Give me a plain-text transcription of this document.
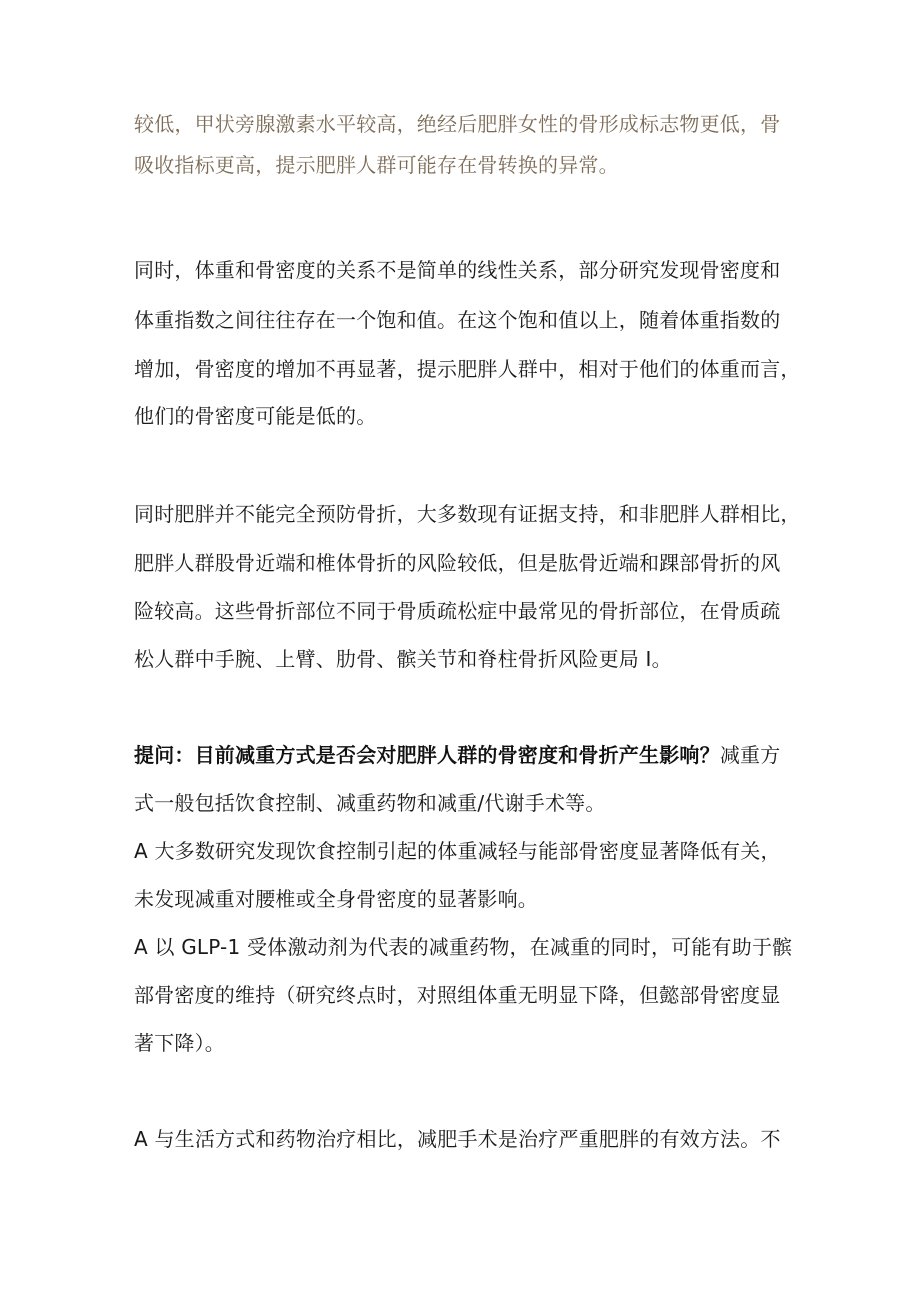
较低，甲状旁腺激素水平较高，绝经后肥胖女性的骨形成标志物更低，骨
吸收指标更高，提示肥胖人群可能存在骨转换的异常。
同时，体重和骨密度的关系不是简单的线性关系，部分研究发现骨密度和
体重指数之间往往存在一个饱和值。在这个饱和值以上，随着体重指数的
增加，骨密度的增加不再显著，提示肥胖人群中，相对于他们的体重而言，
他们的骨密度可能是低的。
同时肥胖并不能完全预防骨折，大多数现有证据支持，和非肥胖人群相比，
肥胖人群股骨近端和椎体骨折的风险较低，但是肱骨近端和踝部骨折的风
险较高。这些骨折部位不同于骨质疏松症中最常见的骨折部位，在骨质疏
松人群中手腕、上臂、肋骨、髌关节和脊柱骨折风险更局 I。
提问：目前减重方式是否会对肥胖人群的骨密度和骨折产生影响？减重方
式一般包括饮食控制、减重药物和减重/代谢手术等。
A 大多数研究发现饮食控制引起的体重减轻与能部骨密度显著降低有关，
未发现减重对腰椎或全身骨密度的显著影响。
A 以 GLP-1 受体激动剂为代表的减重药物，在减重的同时，可能有助于髌
部骨密度的维持（研究终点时，对照组体重无明显下降，但懿部骨密度显
著下降）。
A 与生活方式和药物治疗相比，减肥手术是治疗严重肥胖的有效方法。不
